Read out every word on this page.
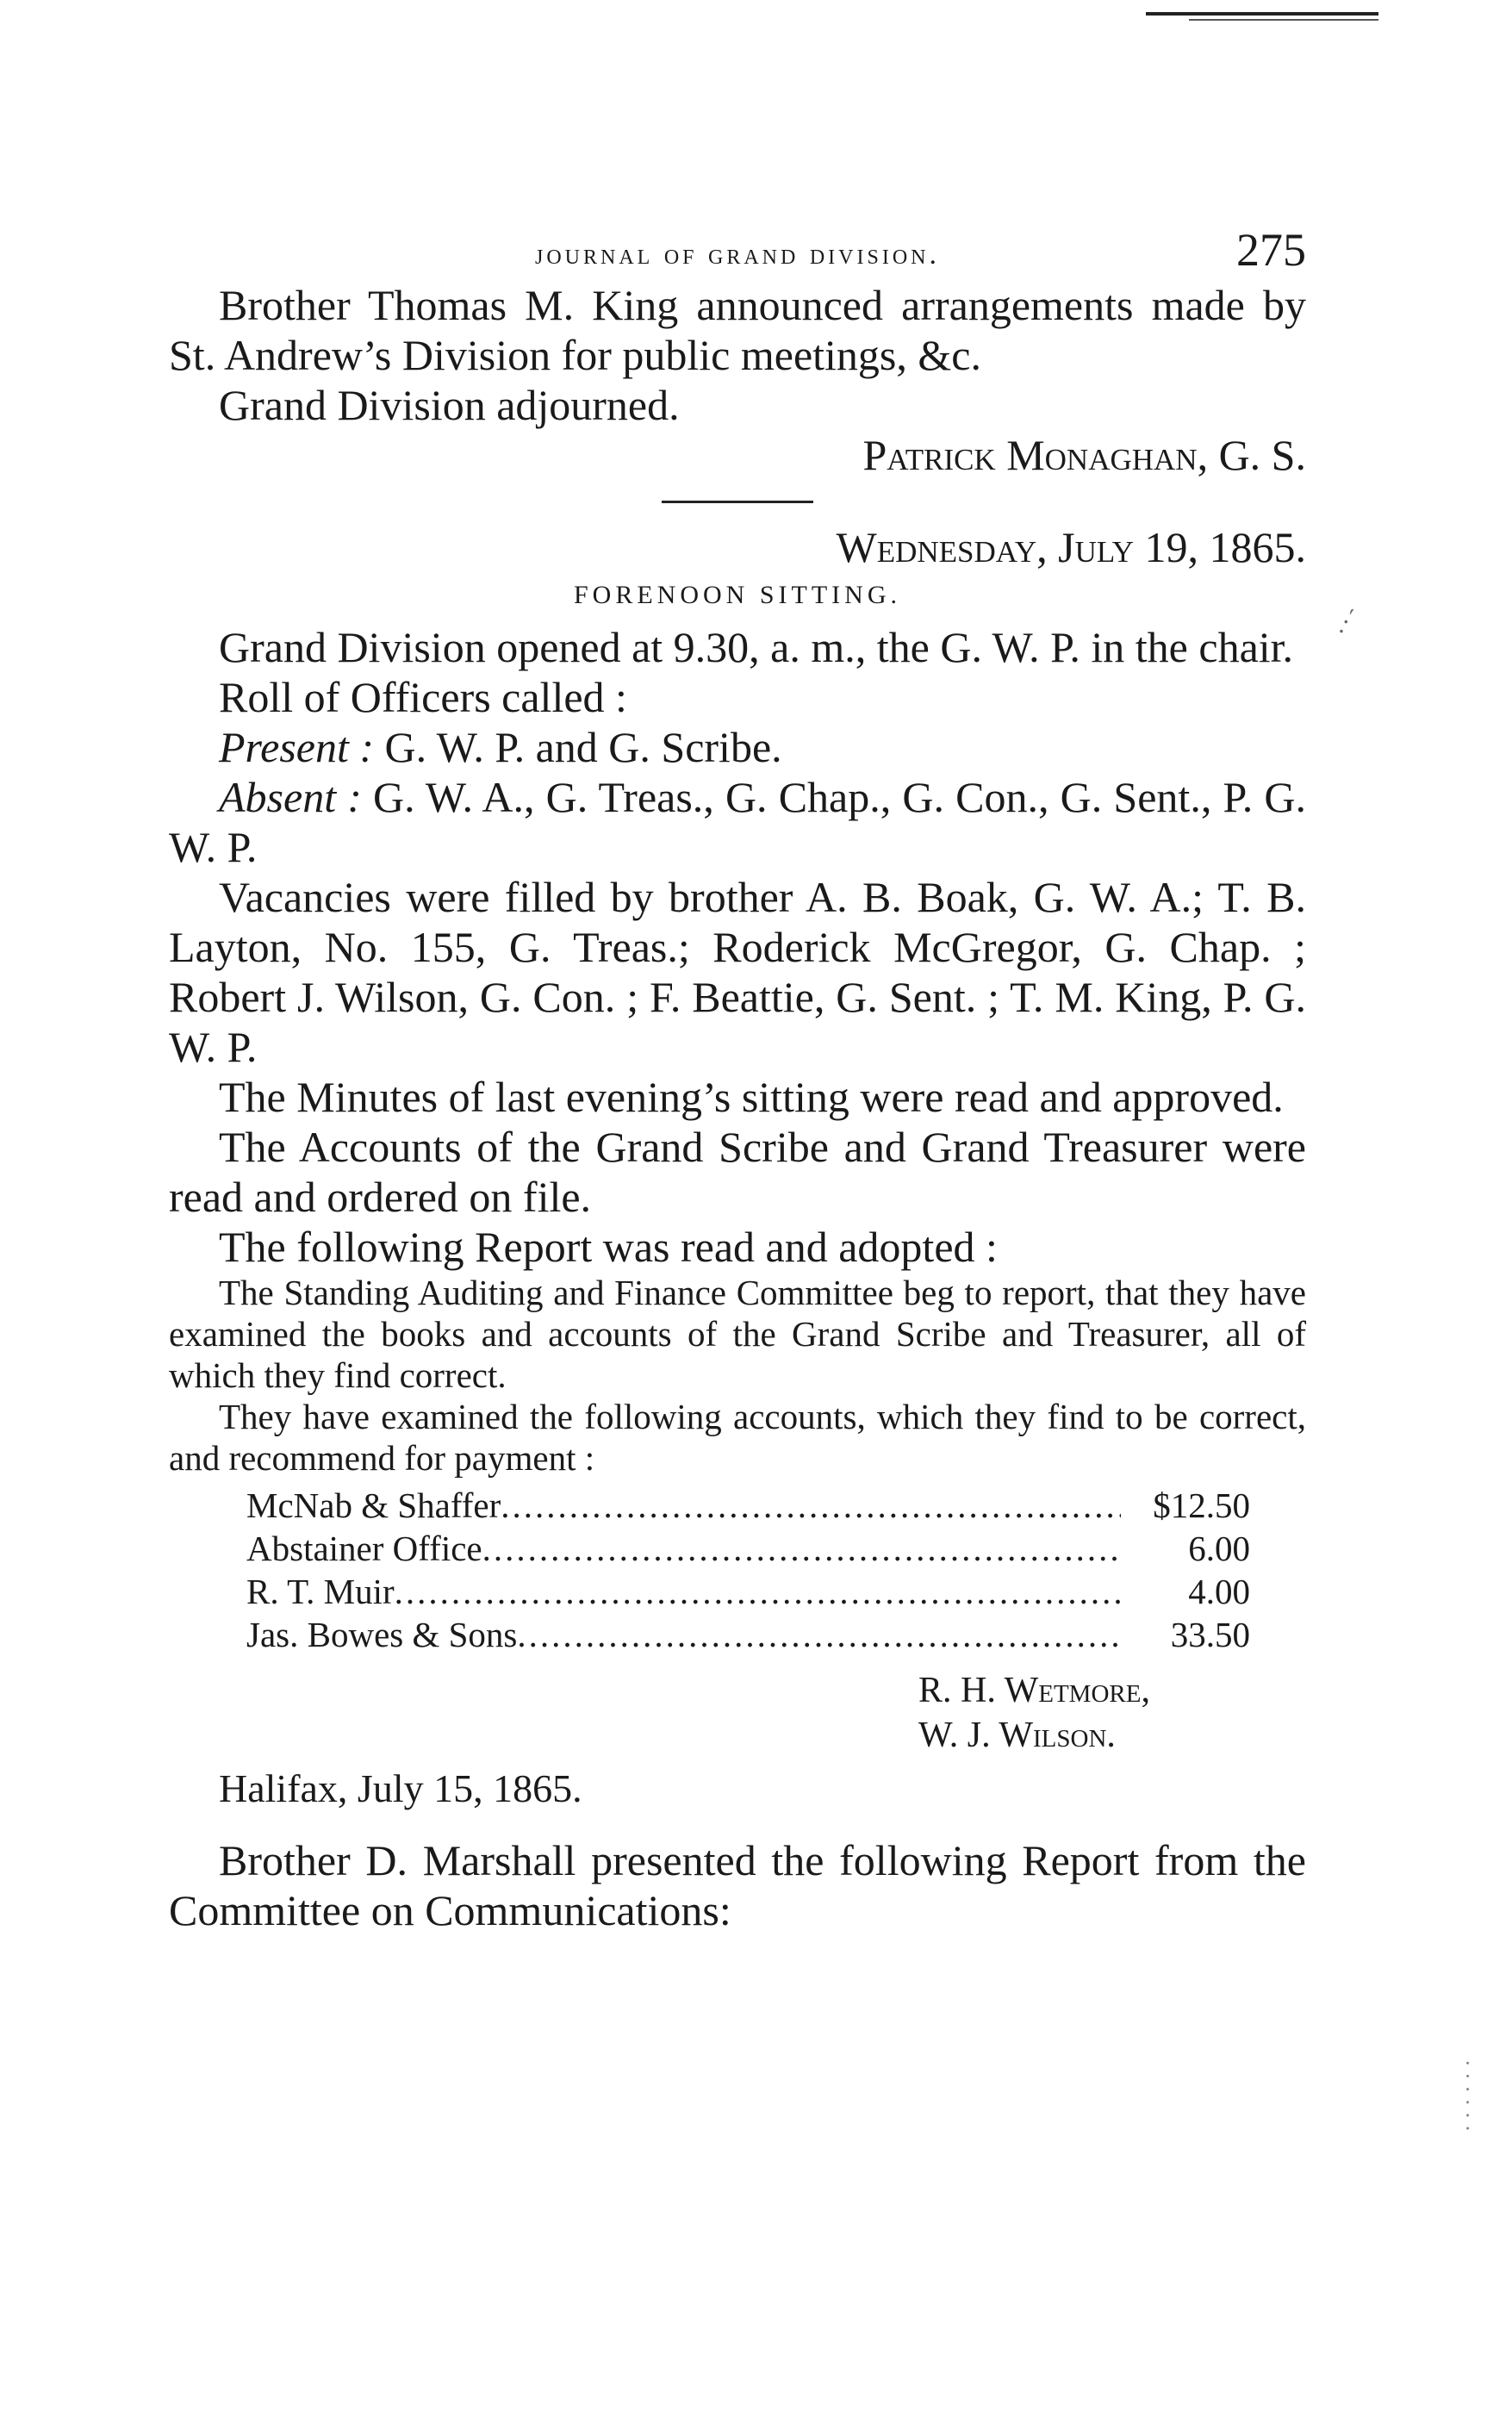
journal of grand division.	275

Brother Thomas M. King announced arrangements made by St. Andrew’s Division for public meetings, &c.

Grand Division adjourned.

Patrick Monaghan, G. S.

Wednesday, July 19, 1865.

FORENOON SITTING.

Grand Division opened at 9.30, a. m., the G. W. P. in the chair.

Roll of Officers called :

Present : G. W. P. and G. Scribe.

Absent : G. W. A., G. Treas., G. Chap., G. Con., G. Sent., P. G. W. P.

Vacancies were filled by brother A. B. Boak, G. W. A.; T. B. Layton, No. 155, G. Treas.; Roderick McGregor, G. Chap. ; Robert J. Wilson, G. Con. ; F. Beattie, G. Sent. ; T. M. King, P. G. W. P.

The Minutes of last evening’s sitting were read and approved.

The Accounts of the Grand Scribe and Grand Treasurer were read and ordered on file.

The following Report was read and adopted :

The Standing Auditing and Finance Committee beg to report, that they have examined the books and accounts of the Grand Scribe and Treasurer, all of which they find correct.

They have examined the following accounts, which they find to be correct, and recommend for payment :

McNab & Shaffer .....	$12.50
Abstainer Office .....	6.00
R. T. Muir .....	4.00
Jas. Bowes & Sons .....	33.50
R. H. Wetmore,
W. J. Wilson.
Halifax, July 15, 1865.

Brother D. Marshall presented the following Report from the Committee on Communications:

.·´
· · · · · ·
